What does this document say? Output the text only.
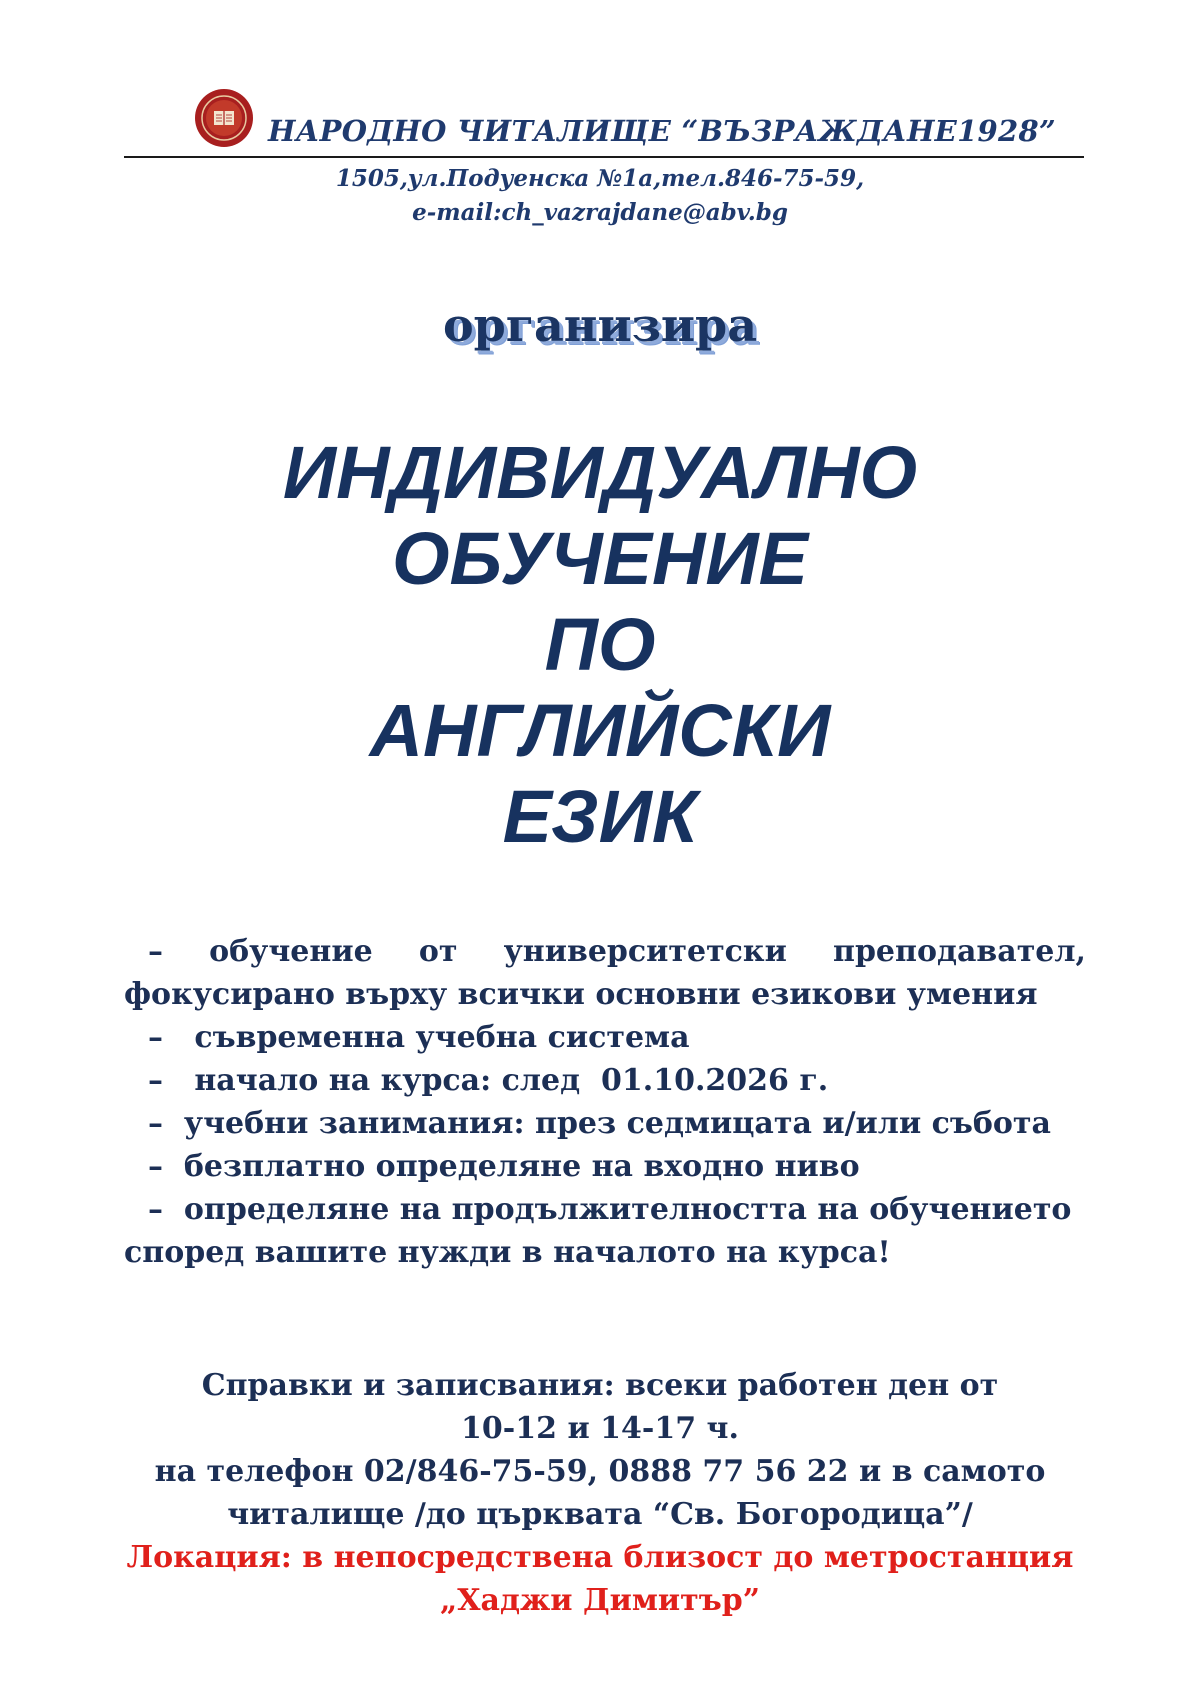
НАРОДНО ЧИТАЛИЩЕ “ВЪЗРАЖДАНЕ1928”
1505,ул.Подуенска №1а,тел.846-75-59,
e-mail:ch_vazrajdane@abv.bg
организира
ИНДИВИДУАЛНО
ОБУЧЕНИЕ
ПО
АНГЛИЙСКИ
ЕЗИК
– обучение от университетски преподавател,
фокусирано върху всички основни езикови умения
–   съвременна учебна система
–   начало на курса: след  01.10.2026 г.
–  учебни занимания: през седмицата и/или събота
–  безплатно определяне на входно ниво
–  определяне на продължителността на обучението
според вашите нужди в началото на курса!
Справки и записвания: всеки работен ден от
10-12 и 14-17 ч.
на телефон 02/846-75-59, 0888 77 56 22 и в самото
читалище /до църквата “Св. Богородица”/
Локация: в непосредствена близост до метростанция
„Хаджи Димитър”
